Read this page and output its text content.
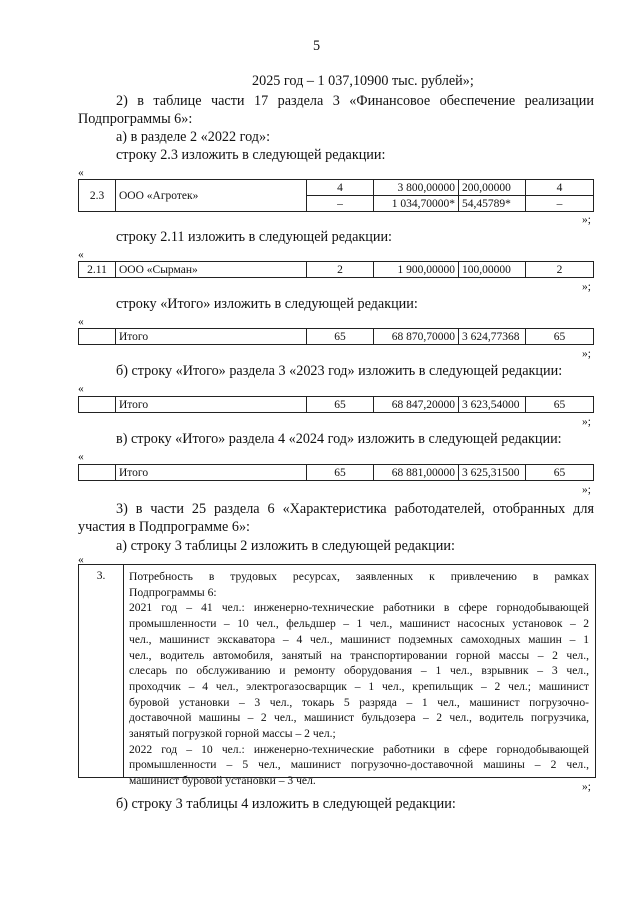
5
2025 год – 1 037,10900 тыс. рублей»;
2) в таблице части 17 раздела 3 «Финансовое обеспечение реализации
Подпрограммы 6»:
а) в разделе 2 «2022 год»:
строку 2.3 изложить в следующей редакции:
«
2.3	ООО «Агротек»	4	3 800,00000	200,00000	4
		–	1 034,70000*	54,45789*	–
»;
строку 2.11 изложить в следующей редакции:
«
2.11	ООО «Сырман»	2	1 900,00000	100,00000	2
»;
строку «Итого» изложить в следующей редакции:
«
	Итого	65	68 870,70000	3 624,77368	65
»;
б) строку «Итого» раздела 3 «2023 год» изложить в следующей редакции:
«
	Итого	65	68 847,20000	3 623,54000	65
»;
в) строку «Итого» раздела 4 «2024 год» изложить в следующей редакции:
«
	Итого	65	68 881,00000	3 625,31500	65
»;
3) в части 25 раздела 6 «Характеристика работодателей, отобранных для
участия в Подпрограмме 6»:
а) строку 3 таблицы 2 изложить в следующей редакции:
«
3.	Потребность в трудовых ресурсах, заявленных к привлечению в рамках
Подпрограммы 6:
2021 год – 41 чел.: инженерно-технические работники в сфере горнодобывающей
промышленности – 10 чел., фельдшер – 1 чел., машинист насосных установок – 2
чел., машинист экскаватора – 4 чел., машинист подземных самоходных машин – 1
чел., водитель автомобиля, занятый на транспортировании горной массы – 2 чел.,
слесарь по обслуживанию и ремонту оборудования – 1 чел., взрывник – 3 чел.,
проходчик – 4 чел., электрогазосварщик – 1 чел., крепильщик – 2 чел.; машинист
буровой установки – 3 чел., токарь 5 разряда – 1 чел., машинист погрузочно-
доставочной машины – 2 чел., машинист бульдозера – 2 чел., водитель погрузчика,
занятый погрузкой горной массы – 2 чел.;
2022 год – 10 чел.: инженерно-технические работники в сфере горнодобывающей
промышленности – 5 чел., машинист погрузочно-доставочной машины – 2 чел.,
машинист буровой установки – 3 чел.	»;
б) строку 3 таблицы 4 изложить в следующей редакции:
